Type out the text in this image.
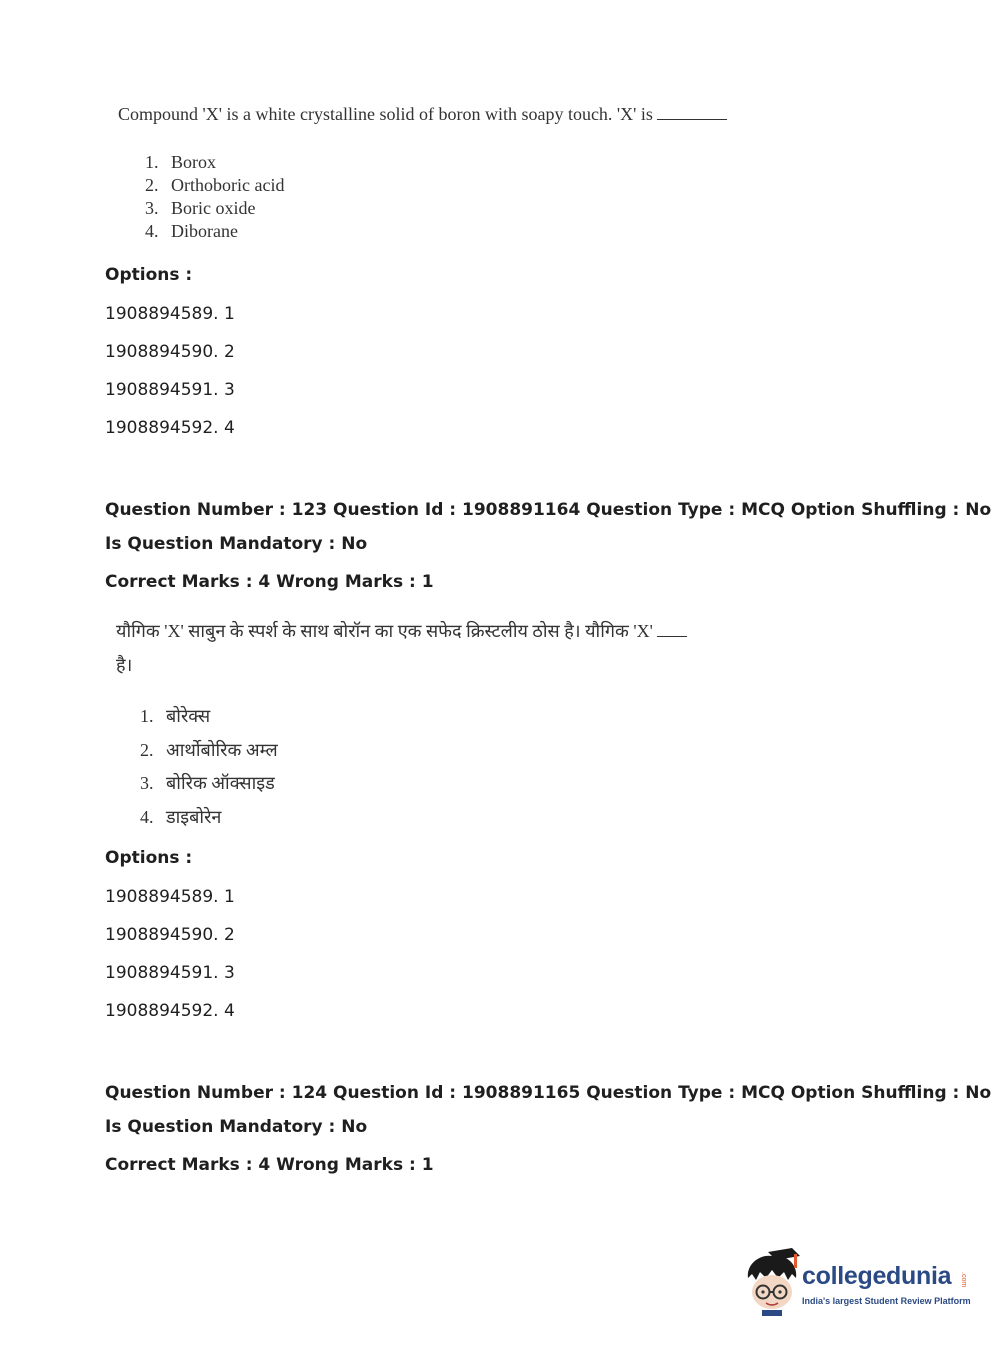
Compound 'X' is a white crystalline solid of boron with soapy touch. 'X' is
1. Borox
2. Orthoboric acid
3. Boric oxide
4. Diborane
Options :
1908894589. 1
1908894590. 2
1908894591. 3
1908894592. 4
Question Number : 123 Question Id : 1908891164 Question Type : MCQ Option Shuffling : No
Is Question Mandatory : No
Correct Marks : 4 Wrong Marks : 1
यौगिक 'X' साबुन के स्पर्श के साथ बोरॉन का एक सफेद क्रिस्टलीय ठोस है। यौगिक 'X'
है।
1. बोरेक्स
2. आर्थोबोरिक अम्ल
3. बोरिक ऑक्साइड
4. डाइबोरेन
Options :
1908894589. 1
1908894590. 2
1908894591. 3
1908894592. 4
Question Number : 124 Question Id : 1908891165 Question Type : MCQ Option Shuffling : No
Is Question Mandatory : No
Correct Marks : 4 Wrong Marks : 1
collegedunia .com
India's largest Student Review Platform
